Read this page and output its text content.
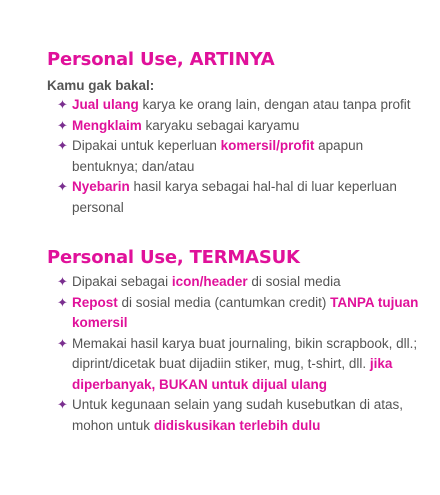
Personal Use, ARTINYA
Kamu gak bakal:
✦ Jual ulang karya ke orang lain, dengan atau tanpa profit
✦ Mengklaim karyaku sebagai karyamu
✦ Dipakai untuk keperluan komersil/profit apapun bentuknya; dan/atau
✦ Nyebarin hasil karya sebagai hal-hal di luar keperluan personal
Personal Use, TERMASUK
✦ Dipakai sebagai icon/header di sosial media
✦ Repost di sosial media (cantumkan credit) TANPA tujuan komersil
✦ Memakai hasil karya buat journaling, bikin scrapbook, dll.; diprint/dicetak buat dijadiin stiker, mug, t-shirt, dll. jika diperbanyak, BUKAN untuk dijual ulang
✦ Untuk kegunaan selain yang sudah kusebutkan di atas, mohon untuk didiskusikan terlebih dulu
